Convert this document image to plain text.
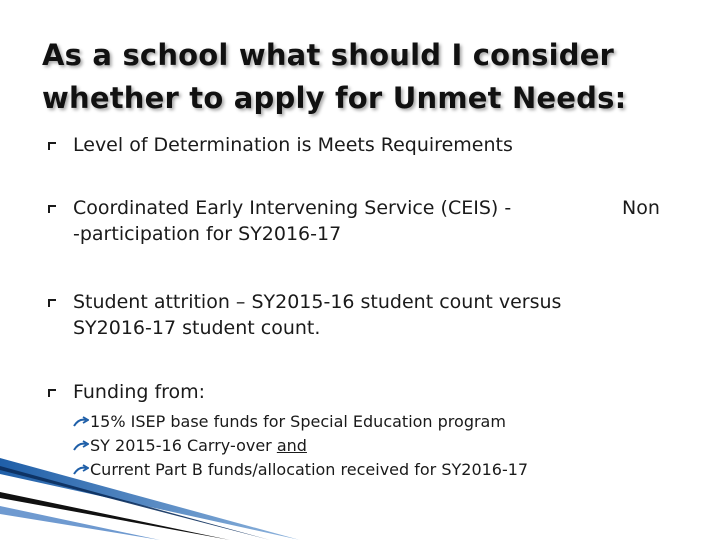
As a school what should I consider
whether to apply for Unmet Needs:
Level of Determination is Meets Requirements
Coordinated Early Intervening Service (CEIS) -	Non
-participation for SY2016-17
Student attrition – SY2015-16 student count versus
SY2016-17 student count.
Funding from:
15% ISEP base funds for Special Education program
SY 2015-16 Carry-over and
Current Part B funds/allocation received for SY2016-17
